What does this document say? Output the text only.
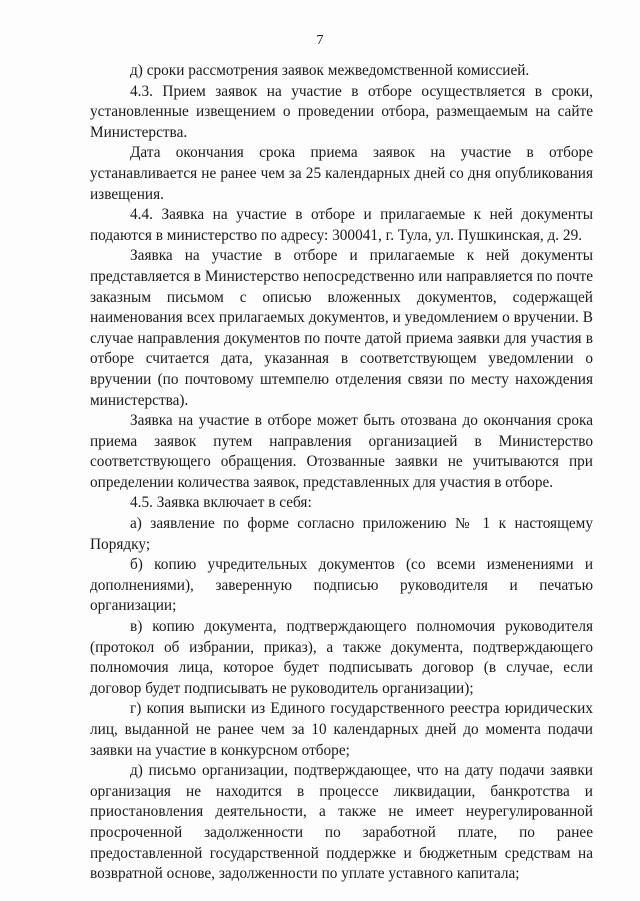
7

д) сроки рассмотрения заявок межведомственной комиссией.

4.3. Прием заявок на участие в отборе осуществляется в сроки, установленные извещением о проведении отбора, размещаемым на сайте Министерства.

Дата окончания срока приема заявок на участие в отборе устанавливается не ранее чем за 25 календарных дней со дня опубликования извещения.

4.4. Заявка на участие в отборе и прилагаемые к ней документы подаются в министерство по адресу: 300041, г. Тула, ул. Пушкинская, д. 29.

Заявка на участие в отборе и прилагаемые к ней документы представляется в Министерство непосредственно или направляется по почте заказным письмом с описью вложенных документов, содержащей наименования всех прилагаемых документов, и уведомлением о вручении. В случае направления документов по почте датой приема заявки для участия в отборе считается дата, указанная в соответствующем уведомлении о вручении (по почтовому штемпелю отделения связи по месту нахождения министерства).

Заявка на участие в отборе может быть отозвана до окончания срока приема заявок путем направления организацией в Министерство соответствующего обращения. Отозванные заявки не учитываются при определении количества заявок, представленных для участия в отборе.

4.5. Заявка включает в себя:

а) заявление по форме согласно приложению № 1 к настоящему Порядку;

б) копию учредительных документов (со всеми изменениями и дополнениями), заверенную подписью руководителя и печатью организации;

в) копию документа, подтверждающего полномочия руководителя (протокол об избрании, приказ), а также документа, подтверждающего полномочия лица, которое будет подписывать договор (в случае, если договор будет подписывать не руководитель организации);

г) копия выписки из Единого государственного реестра юридических лиц, выданной не ранее чем за 10 календарных дней до момента подачи заявки на участие в конкурсном отборе;

д) письмо организации, подтверждающее, что на дату подачи заявки организация не находится в процессе ликвидации, банкротства и приостановления деятельности, а также не имеет неурегулированной просроченной задолженности по заработной плате, по ранее предоставленной государственной поддержке и бюджетным средствам на возвратной основе, задолженности по уплате уставного капитала;
